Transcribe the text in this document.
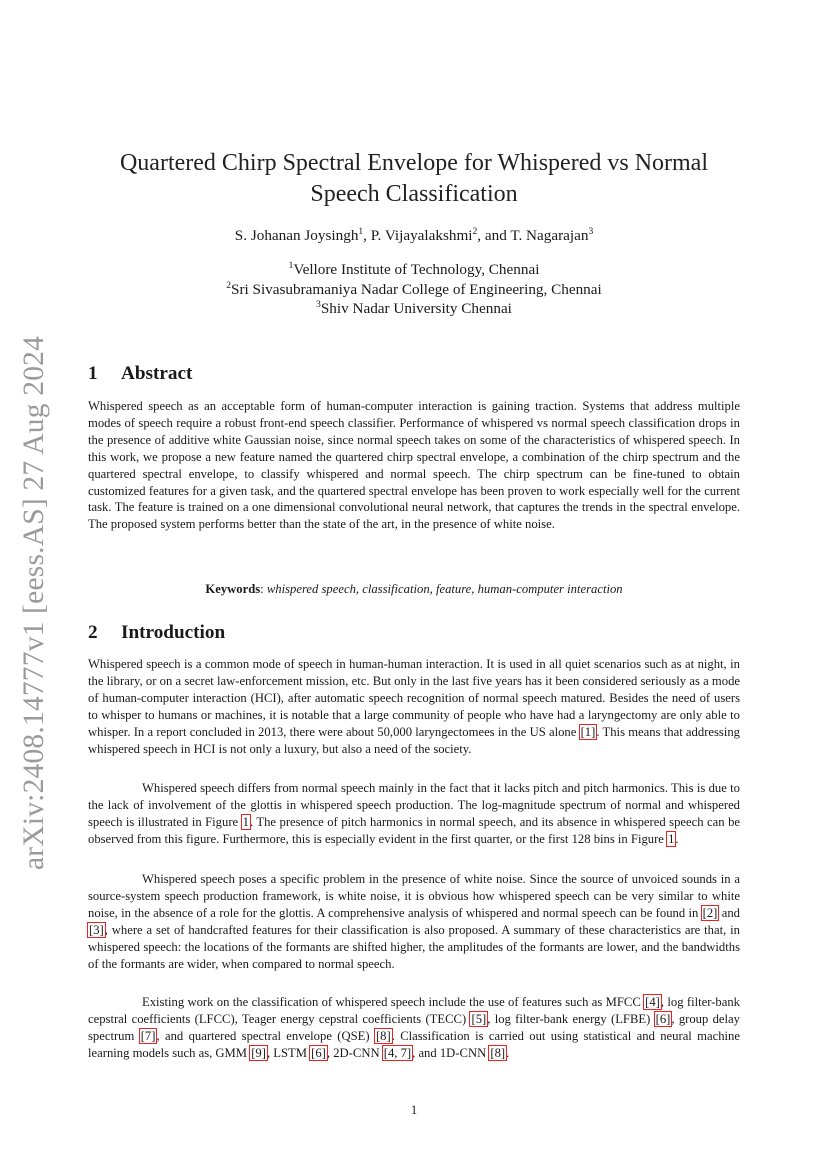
arXiv:2408.14777v1 [eess.AS] 27 Aug 2024
Quartered Chirp Spectral Envelope for Whispered vs Normal
Speech Classification
S. Johanan Joysingh$^1$, P. Vijayalakshmi$^2$, and T. Nagarajan$^3$
$^1$Vellore Institute of Technology, Chennai
$^2$Sri Sivasubramaniya Nadar College of Engineering, Chennai
$^3$Shiv Nadar University Chennai
1 Abstract

Whispered speech as an acceptable form of human-computer interaction is gaining traction. Systems that address multiple modes of speech require a robust front-end speech classifier. Performance of whispered vs normal speech classification drops in the presence of additive white Gaussian noise, since normal speech takes on some of the characteristics of whispered speech. In this work, we propose a new feature named the quartered chirp spectral envelope, a combination of the chirp spectrum and the quartered spectral envelope, to classify whispered and normal speech. The chirp spectrum can be fine-tuned to obtain customized features for a given task, and the quartered spectral envelope has been proven to work especially well for the current task. The feature is trained on a one dimensional convolutional neural network, that captures the trends in the spectral envelope. The proposed system performs better than the state of the art, in the presence of white noise.

Keywords: whispered speech, classification, feature, human-computer interaction
2 Introduction

Whispered speech is a common mode of speech in human-human interaction. It is used in all quiet scenarios such as at night, in the library, or on a secret law-enforcement mission, etc. But only in the last five years has it been considered seriously as a mode of human-computer interaction (HCI), after automatic speech recognition of normal speech matured. Besides the need of users to whisper to humans or machines, it is notable that a large community of people who have had a laryngectomy are only able to whisper. In a report concluded in 2013, there were about 50,000 laryngectomees in the US alone [1]. This means that addressing whispered speech in HCI is not only a luxury, but also a need of the society.

Whispered speech differs from normal speech mainly in the fact that it lacks pitch and pitch harmonics. This is due to the lack of involvement of the glottis in whispered speech production. The log-magnitude spectrum of normal and whispered speech is illustrated in Figure 1. The presence of pitch harmonics in normal speech, and its absence in whispered speech can be observed from this figure. Furthermore, this is especially evident in the first quarter, or the first 128 bins in Figure 1.

Whispered speech poses a specific problem in the presence of white noise. Since the source of unvoiced sounds in a source-system speech production framework, is white noise, it is obvious how whispered speech can be very similar to white noise, in the absence of a role for the glottis. A comprehensive analysis of whispered and normal speech can be found in [2] and [3], where a set of handcrafted features for their classification is also proposed. A summary of these characteristics are that, in whispered speech: the locations of the formants are shifted higher, the amplitudes of the formants are lower, and the bandwidths of the formants are wider, when compared to normal speech.

Existing work on the classification of whispered speech include the use of features such as MFCC [4], log filter-bank cepstral coefficients (LFCC), Teager energy cepstral coefficients (TECC) [5], log filter-bank energy (LFBE) [6], group delay spectrum [7], and quartered spectral envelope (QSE) [8]. Classification is carried out using statistical and neural machine learning models such as, GMM [9], LSTM [6], 2D-CNN [4, 7], and 1D-CNN [8].

1
